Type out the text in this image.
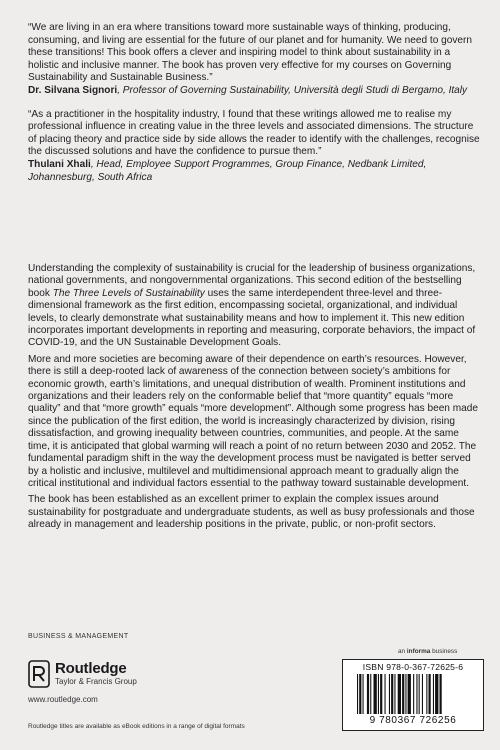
“We are living in an era where transitions toward more sustainable ways of thinking, producing, consuming, and living are essential for the future of our planet and for humanity. We need to govern these transitions! This book offers a clever and inspiring model to think about sustainability in a holistic and inclusive manner. The book has proven very effective for my courses on Governing Sustainability and Sustainable Business.”

Dr. Silvana Signori, Professor of Governing Sustainability, Università degli Studi di Bergamo, Italy

“As a practitioner in the hospitality industry, I found that these writings allowed me to realise my professional influence in creating value in the three levels and associated dimensions. The structure of placing theory and practice side by side allows the reader to identify with the challenges, recognise the discussed solutions and have the confidence to pursue them.”

Thulani Xhali, Head, Employee Support Programmes, Group Finance, Nedbank Limited, Johannesburg, South Africa

Understanding the complexity of sustainability is crucial for the leadership of business organizations, national governments, and nongovernmental organizations. This second edition of the bestselling book The Three Levels of Sustainability uses the same interdependent three-level and three-dimensional framework as the first edition, encompassing societal, organizational, and individual levels, to clearly demonstrate what sustainability means and how to implement it. This new edition incorporates important developments in reporting and measuring, corporate behaviors, the impact of COVID-19, and the UN Sustainable Development Goals.

More and more societies are becoming aware of their dependence on earth’s resources. However, there is still a deep-rooted lack of awareness of the connection between society’s ambitions for economic growth, earth’s limitations, and unequal distribution of wealth. Prominent institutions and organizations and their leaders rely on the conformable belief that “more quantity” equals “more quality” and that “more growth” equals “more development”. Although some progress has been made since the publication of the first edition, the world is increasingly characterized by division, rising dissatisfaction, and growing inequality between countries, communities, and people. At the same time, it is anticipated that global warming will reach a point of no return between 2030 and 2052. The fundamental paradigm shift in the way the development process must be navigated is better served by a holistic and inclusive, multilevel and multidimensional approach meant to gradually align the critical institutional and individual factors essential to the pathway toward sustainable development.

The book has been established as an excellent primer to explain the complex issues around sustainability for postgraduate and undergraduate students, as well as busy professionals and those already in management and leadership positions in the private, public, or non-profit sectors.

BUSINESS & MANAGEMENT
Routledge
Taylor & Francis Group
www.routledge.com
an informa business
ISBN 978-0-367-72625-6
9 780367 726256
Routledge titles are available as eBook editions in a range of digital formats
